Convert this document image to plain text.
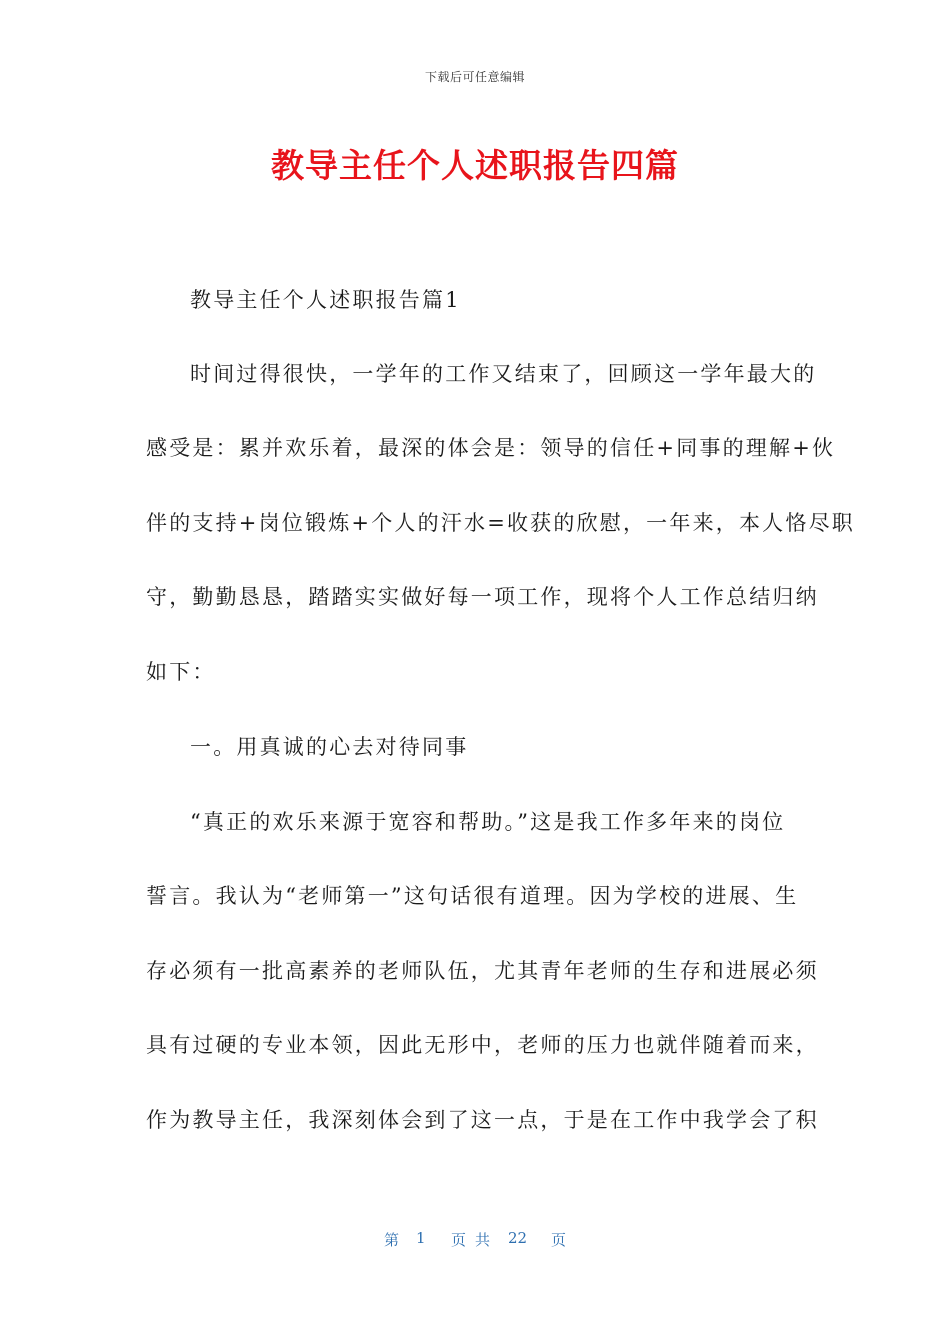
下载后可任意编辑
教导主任个人述职报告四篇
教导主任个人述职报告篇1
时间过得很快，一学年的工作又结束了，回顾这一学年最大的
感受是：累并欢乐着，最深的体会是：领导的信任+同事的理解+伙
伴的支持+岗位锻炼+个人的汗水=收获的欣慰，一年来，本人恪尽职
守，勤勤恳恳，踏踏实实做好每一项工作，现将个人工作总结归纳
如下：
一。用真诚的心去对待同事
“真正的欢乐来源于宽容和帮助。”这是我工作多年来的岗位
誓言。我认为“老师第一”这句话很有道理。因为学校的进展、生
存必须有一批高素养的老师队伍，尤其青年老师的生存和进展必须
具有过硬的专业本领，因此无形中，老师的压力也就伴随着而来，
作为教导主任，我深刻体会到了这一点，于是在工作中我学会了积
第 1 页共 22 页
